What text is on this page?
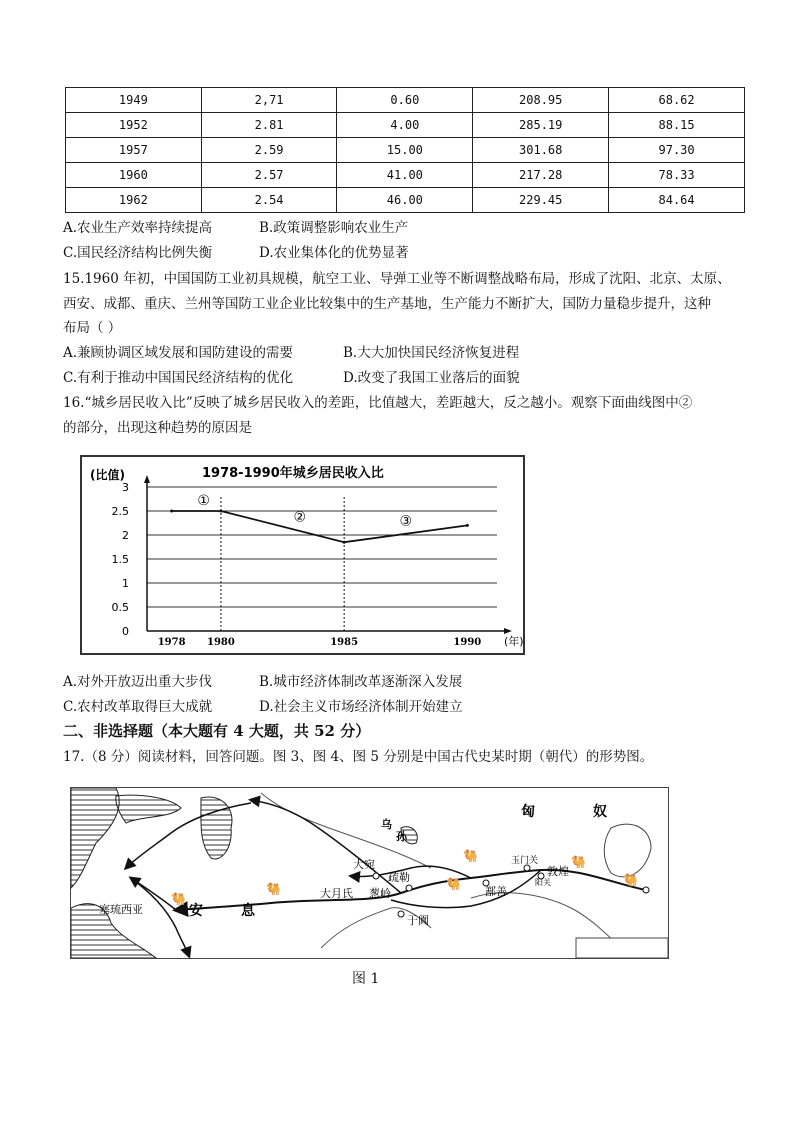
1949	2,71	0.60	208.95	68.62
1952	2.81	4.00	285.19	88.15
1957	2.59	15.00	301.68	97.30
1960	2.57	41.00	217.28	78.33
1962	2.54	46.00	229.45	84.64
A.农业生产效率持续提高	B.政策调整影响农业生产
C.国民经济结构比例失衡	D.农业集体化的优势显著
15.1960 年初，中国国防工业初具规模，航空工业、导弹工业等不断调整战略布局，形成了沈阳、北京、太原、
西安、成都、重庆、兰州等国防工业企业比较集中的生产基地，生产能力不断扩大，国防力量稳步提升，这种
布局（ ）
A.兼顾协调区域发展和国防建设的需要	B.大大加快国民经济恢复进程
C.有利于推动中国国民经济结构的优化	D.改变了我国工业落后的面貌
16.“城乡居民收入比”反映了城乡居民收入的差距，比值越大，差距越大，反之越小。观察下面曲线图中②
的部分，出现这种趋势的原因是
1978-1990年城乡居民收入比
(比值)
0
0.5
1
1.5
2
2.5
3
1978 1980	1985	1990 (年)
①
②	③
A.对外开放迈出重大步伐	B.城市经济体制改革逐渐深入发展
C.农村改革取得巨大成就	D.社会主义市场经济体制开始建立
二、非选择题（本大题有 4 大题，共 52 分）
17.（8 分）阅读材料，回答问题。图 3、图 4、图 5 分别是中国古代史某时期（朝代）的形势图。
匈	奴
乌
孙
大宛
疏勒
葱岭
大月氏
于阗
鄯善
玉门关
阳关
敦煌
安	息
塞琉西亚
🐫
🐫
🐫
🐫
🐫
🐫
图 1
